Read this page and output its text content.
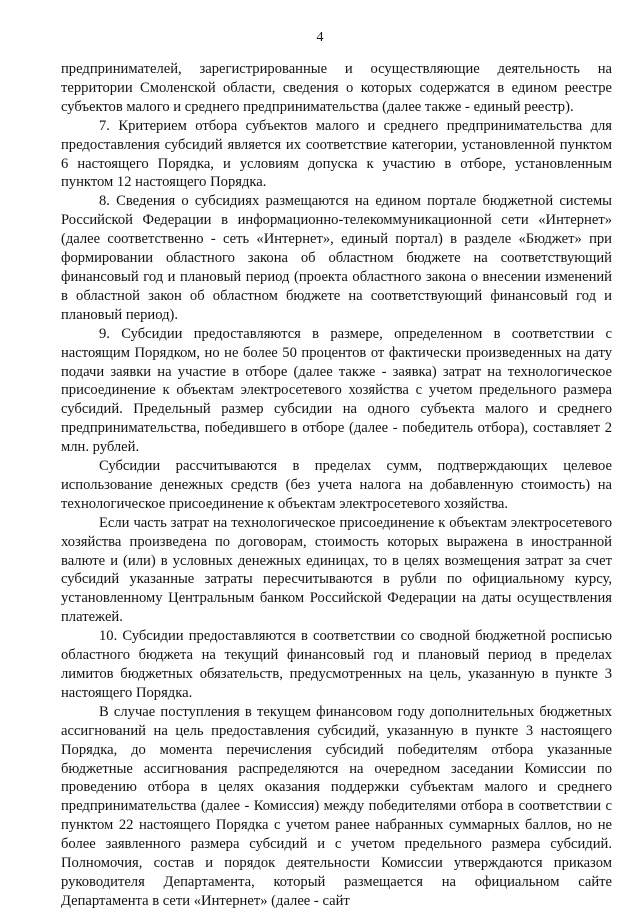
4

предпринимателей, зарегистрированные и осуществляющие деятельность на территории Смоленской области, сведения о которых содержатся в едином реестре субъектов малого и среднего предпринимательства (далее также - единый реестр).

7. Критерием отбора субъектов малого и среднего предпринимательства для предоставления субсидий является их соответствие категории, установленной пунктом 6 настоящего Порядка, и условиям допуска к участию в отборе, установленным пунктом 12 настоящего Порядка.

8. Сведения о субсидиях размещаются на едином портале бюджетной системы Российской Федерации в информационно-телекоммуникационной сети «Интернет» (далее соответственно - сеть «Интернет», единый портал) в разделе «Бюджет» при формировании областного закона об областном бюджете на соответствующий финансовый год и плановый период (проекта областного закона о внесении изменений в областной закон об областном бюджете на соответствующий финансовый год и плановый период).

9. Субсидии предоставляются в размере, определенном в соответствии с настоящим Порядком, но не более 50 процентов от фактически произведенных на дату подачи заявки на участие в отборе (далее также - заявка) затрат на технологическое присоединение к объектам электросетевого хозяйства с учетом предельного размера субсидий. Предельный размер субсидии на одного субъекта малого и среднего предпринимательства, победившего в отборе (далее - победитель отбора), составляет 2 млн. рублей.

Субсидии рассчитываются в пределах сумм, подтверждающих целевое использование денежных средств (без учета налога на добавленную стоимость) на технологическое присоединение к объектам электросетевого хозяйства.

Если часть затрат на технологическое присоединение к объектам электросетевого хозяйства произведена по договорам, стоимость которых выражена в иностранной валюте и (или) в условных денежных единицах, то в целях возмещения затрат за счет субсидий указанные затраты пересчитываются в рубли по официальному курсу, установленному Центральным банком Российской Федерации на даты осуществления платежей.

10. Субсидии предоставляются в соответствии со сводной бюджетной росписью областного бюджета на текущий финансовый год и плановый период в пределах лимитов бюджетных обязательств, предусмотренных на цель, указанную в пункте 3 настоящего Порядка.

В случае поступления в текущем финансовом году дополнительных бюджетных ассигнований на цель предоставления субсидий, указанную в пункте 3 настоящего Порядка, до момента перечисления субсидий победителям отбора указанные бюджетные ассигнования распределяются на очередном заседании Комиссии по проведению отбора в целях оказания поддержки субъектам малого и среднего предпринимательства (далее - Комиссия) между победителями отбора в соответствии с пунктом 22 настоящего Порядка с учетом ранее набранных суммарных баллов, но не более заявленного размера субсидий и с учетом предельного размера субсидий. Полномочия, состав и порядок деятельности Комиссии утверждаются приказом руководителя Департамента, который размещается на официальном сайте Департамента в сети «Интернет» (далее - сайт
